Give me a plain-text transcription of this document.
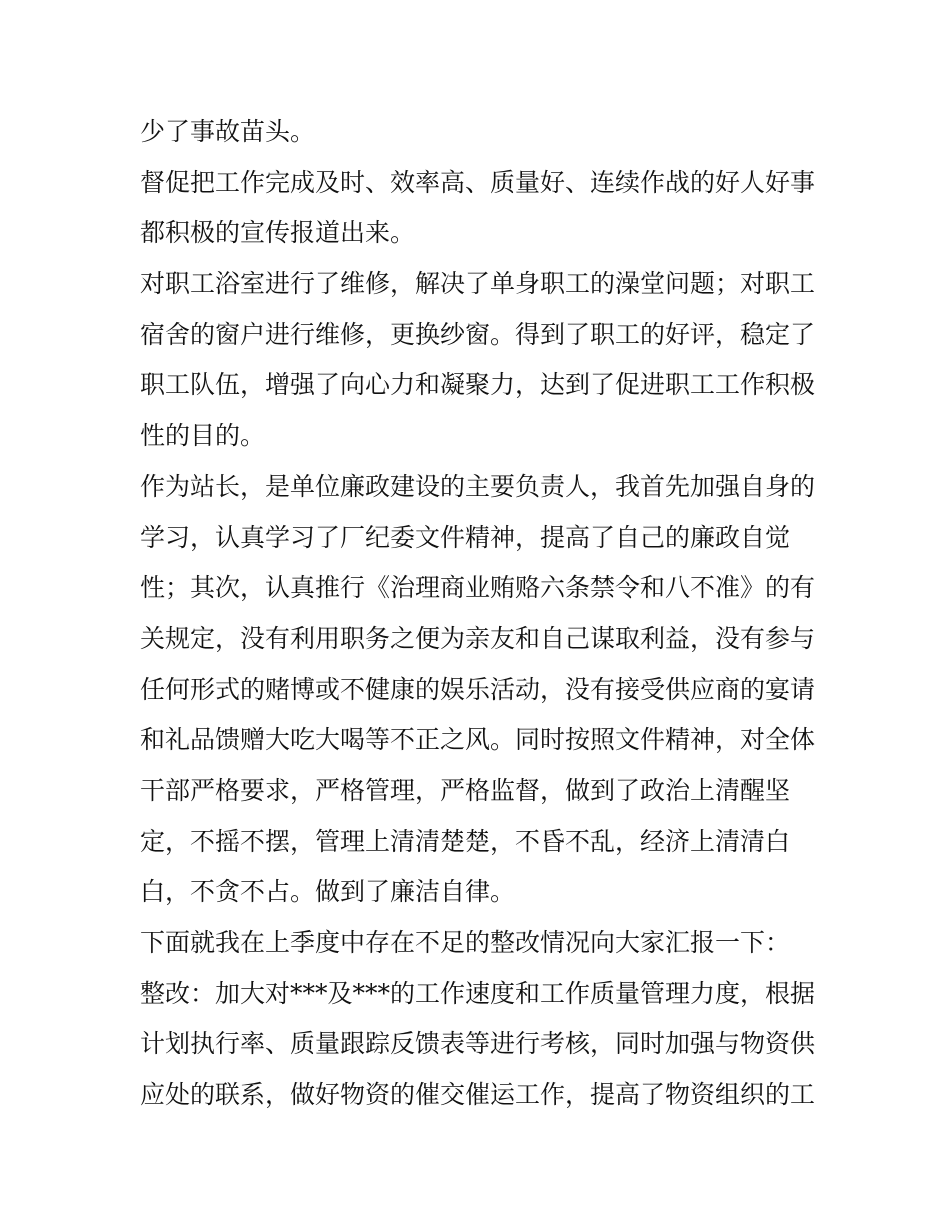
少了事故苗头。
督促把工作完成及时、效率高、质量好、连续作战的好人好事
都积极的宣传报道出来。
对职工浴室进行了维修，解决了单身职工的澡堂问题；对职工
宿舍的窗户进行维修，更换纱窗。得到了职工的好评，稳定了
职工队伍，增强了向心力和凝聚力，达到了促进职工工作积极
性的目的。
作为站长，是单位廉政建设的主要负责人，我首先加强自身的
学习，认真学习了厂纪委文件精神，提高了自己的廉政自觉
性；其次，认真推行《治理商业贿赂六条禁令和八不准》的有
关规定，没有利用职务之便为亲友和自己谋取利益，没有参与
任何形式的赌博或不健康的娱乐活动，没有接受供应商的宴请
和礼品馈赠大吃大喝等不正之风。同时按照文件精神，对全体
干部严格要求，严格管理，严格监督，做到了政治上清醒坚
定，不摇不摆，管理上清清楚楚，不昏不乱，经济上清清白
白，不贪不占。做到了廉洁自律。
下面就我在上季度中存在不足的整改情况向大家汇报一下：
整改：加大对***及***的工作速度和工作质量管理力度，根据
计划执行率、质量跟踪反馈表等进行考核，同时加强与物资供
应处的联系，做好物资的催交催运工作，提高了物资组织的工
